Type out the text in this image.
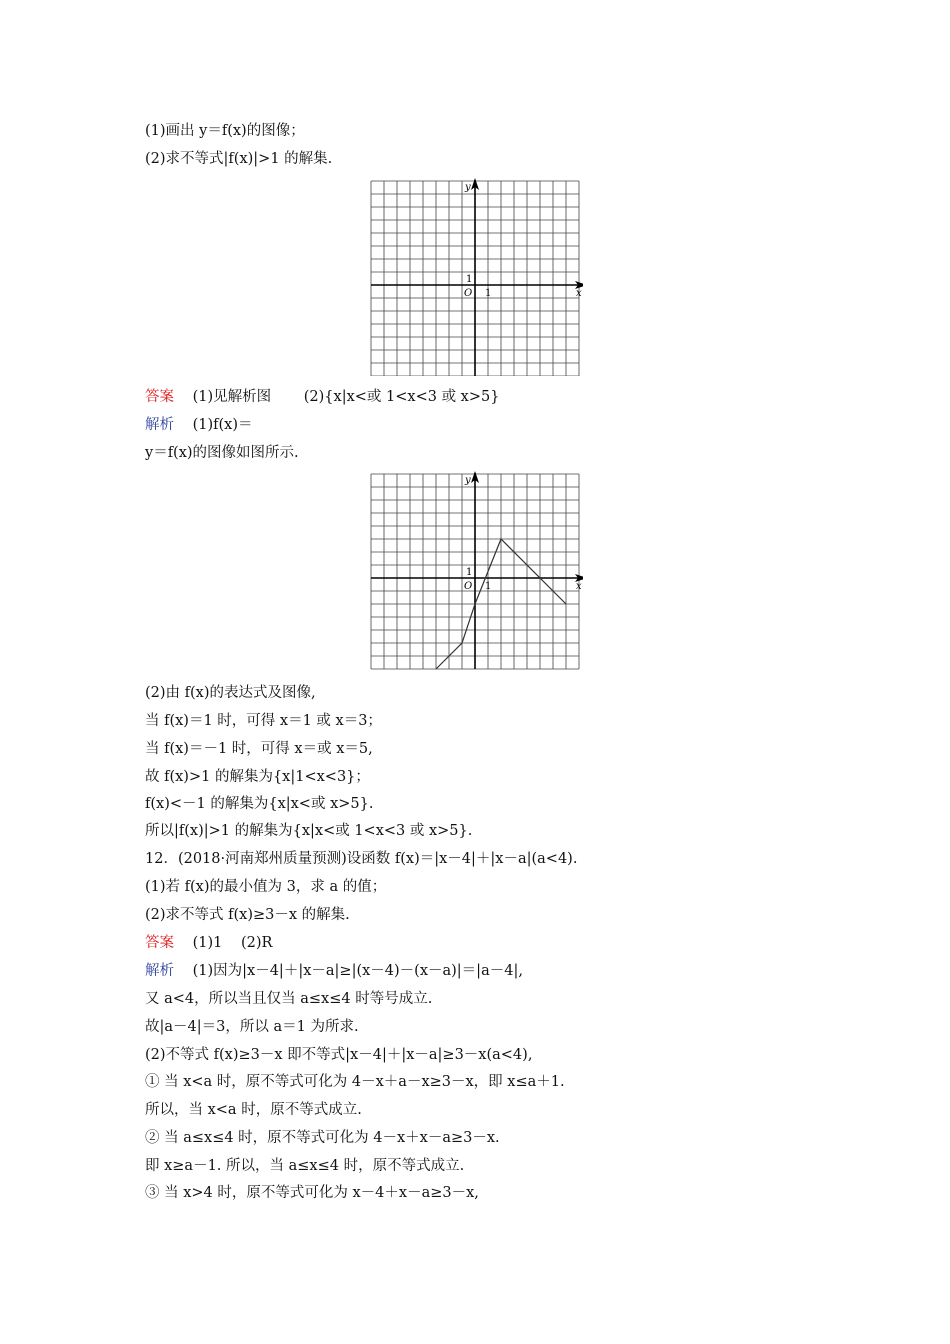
(1)画出 y＝f(x)的图像；
(2)求不等式|f(x)|>1 的解集.
y
x
O 1
1
答案 (1)见解析图 (2){x|x<或 1<x<3 或 x>5}
解析 (1)f(x)＝
y＝f(x)的图像如图所示.
y
x
O 1
1
(2)由 f(x)的表达式及图像,
当 f(x)＝1 时，可得 x＝1 或 x＝3；
当 f(x)＝－1 时，可得 x＝或 x＝5,
故 f(x)>1 的解集为{x|1<x<3}；
f(x)<－1 的解集为{x|x<或 x>5}.
所以|f(x)|>1 的解集为{x|x<或 1<x<3 或 x>5}.
12．(2018·河南郑州质量预测)设函数 f(x)＝|x－4|＋|x－a|(a<4).
(1)若 f(x)的最小值为 3，求 a 的值；
(2)求不等式 f(x)≥3－x 的解集.
答案 (1)1 (2)R
解析 (1)因为|x－4|＋|x－a|≥|(x－4)－(x－a)|＝|a－4|,
又 a<4，所以当且仅当 a≤x≤4 时等号成立.
故|a－4|＝3，所以 a＝1 为所求.
(2)不等式 f(x)≥3－x 即不等式|x－4|＋|x－a|≥3－x(a<4),
① 当 x<a 时，原不等式可化为 4－x＋a－x≥3－x，即 x≤a＋1.
所以，当 x<a 时，原不等式成立.
② 当 a≤x≤4 时，原不等式可化为 4－x＋x－a≥3－x.
即 x≥a－1. 所以，当 a≤x≤4 时，原不等式成立.
③ 当 x>4 时，原不等式可化为 x－4＋x－a≥3－x,
